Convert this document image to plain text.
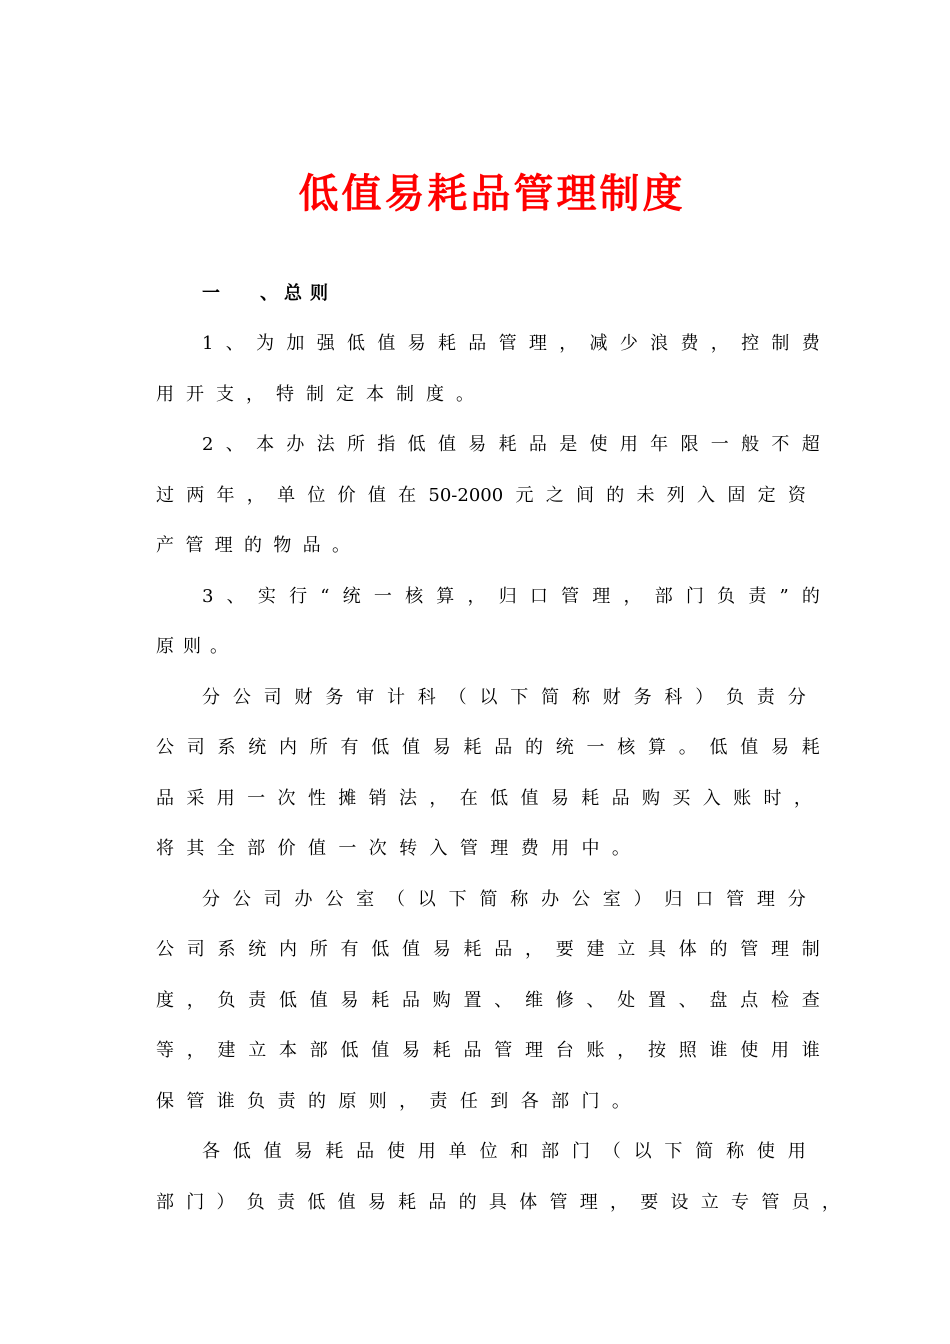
低值易耗品管理制度
一 、 总则
1 、 为 加 强 低 值 易 耗 品 管 理 ， 减 少 浪 费 ， 控 制 费
用 开 支 ， 特 制 定 本 制 度 。
2 、 本 办 法 所 指 低 值 易 耗 品 是 使 用 年 限 一 般 不 超
过 两 年 ， 单 位 价 值 在 50-2000 元 之 间 的 未 列 入 固 定 资
产 管 理 的 物 品 。
3 、 实 行 “ 统 一 核 算 ， 归 口 管 理 ， 部 门 负 责 ” 的
原 则 。
分 公 司 财 务 审 计 科 （ 以 下 简 称 财 务 科 ） 负 责 分
公 司 系 统 内 所 有 低 值 易 耗 品 的 统 一 核 算 。 低 值 易 耗
品 采 用 一 次 性 摊 销 法 ， 在 低 值 易 耗 品 购 买 入 账 时 ，
将 其 全 部 价 值 一 次 转 入 管 理 费 用 中 。
分 公 司 办 公 室 （ 以 下 简 称 办 公 室 ） 归 口 管 理 分
公 司 系 统 内 所 有 低 值 易 耗 品 ， 要 建 立 具 体 的 管 理 制
度 ， 负 责 低 值 易 耗 品 购 置 、 维 修 、 处 置 、 盘 点 检 查
等 ， 建 立 本 部 低 值 易 耗 品 管 理 台 账 ， 按 照 谁 使 用 谁
保 管 谁 负 责 的 原 则 ， 责 任 到 各 部 门 。
各 低 值 易 耗 品 使 用 单 位 和 部 门 （ 以 下 简 称 使 用
部 门 ） 负 责 低 值 易 耗 品 的 具 体 管 理 ， 要 设 立 专 管 员 ，
